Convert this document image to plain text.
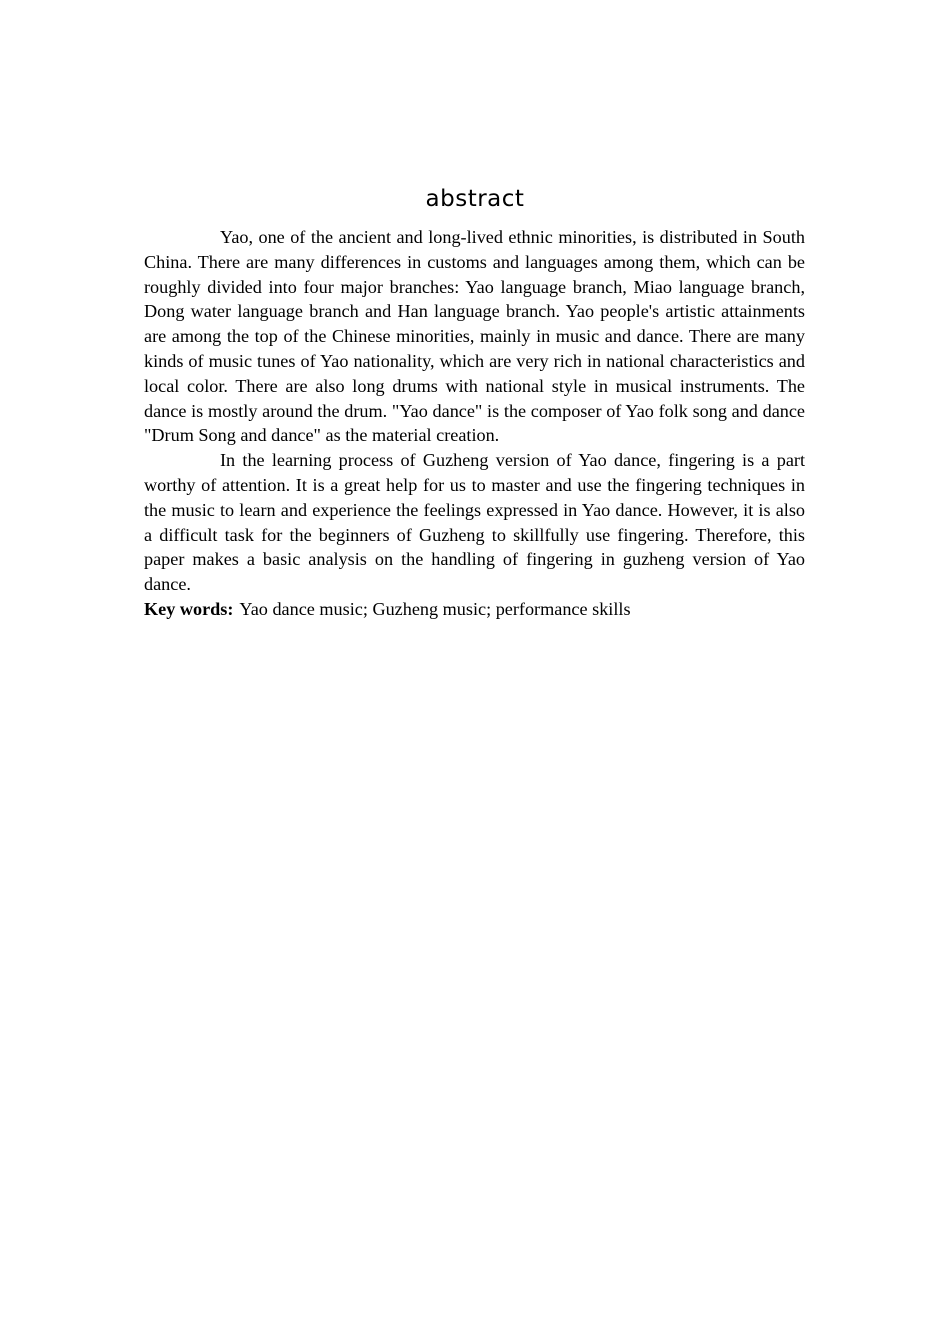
abstract

Yao, one of the ancient and long-lived ethnic minorities, is distributed in South China. There are many differences in customs and languages among them, which can be roughly divided into four major branches: Yao language branch, Miao language branch, Dong water language branch and Han language branch. Yao people's artistic attainments are among the top of the Chinese minorities, mainly in music and dance. There are many kinds of music tunes of Yao nationality, which are very rich in national characteristics and local color. There are also long drums with national style in musical instruments. The dance is mostly around the drum. "Yao dance" is the composer of Yao folk song and dance "Drum Song and dance" as the material creation.

In the learning process of Guzheng version of Yao dance, fingering is a part worthy of attention. It is a great help for us to master and use the fingering techniques in the music to learn and experience the feelings expressed in Yao dance. However, it is also a difficult task for the beginners of Guzheng to skillfully use fingering. Therefore, this paper makes a basic analysis on the handling of fingering in guzheng version of Yao dance.

Key words: Yao dance music; Guzheng music; performance skills
